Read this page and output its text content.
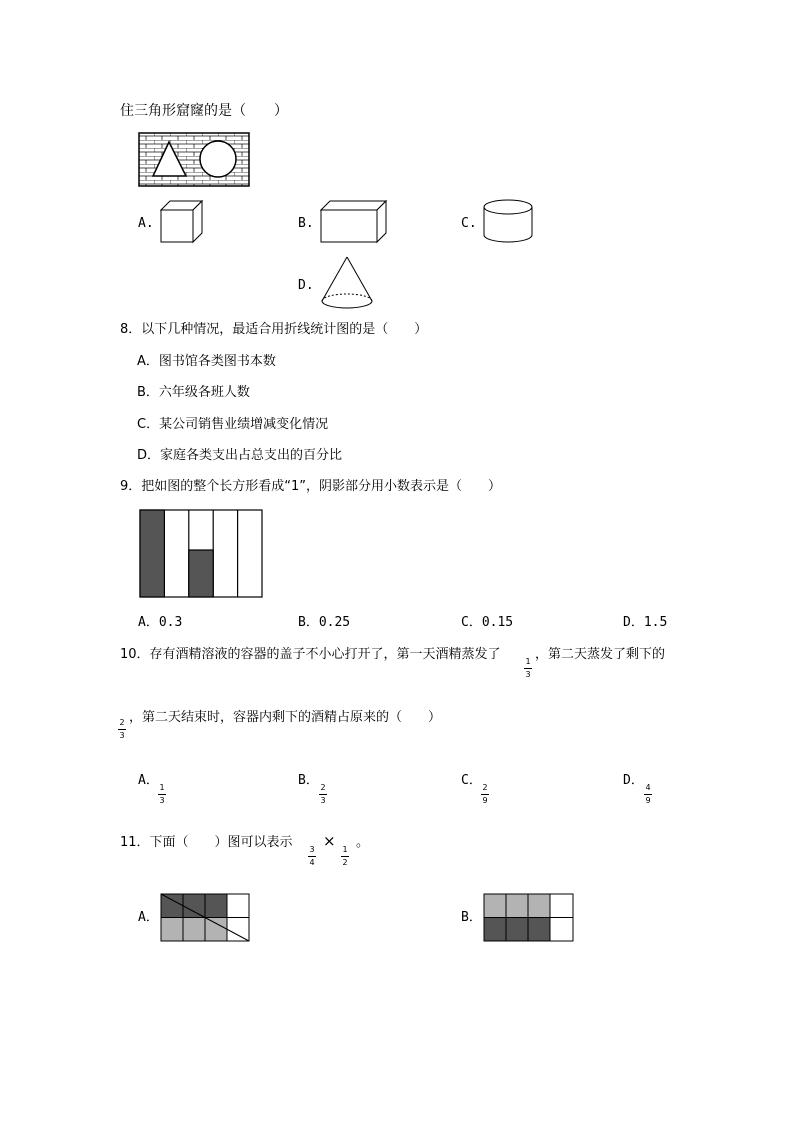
住三角形窟窿的是（　　）
A.	B.	C.
D.
8．以下几种情况，最适合用折线统计图的是（　　）
A．图书馆各类图书本数
B．六年级各班人数
C．某公司销售业绩增减变化情况
D．家庭各类支出占总支出的百分比
9．把如图的整个长方形看成“1”，阴影部分用小数表示是（　　）
A．0.3	B．0.25	C．0.15	D．1.5
10．存有酒精溶液的容器的盖子不小心打开了，第一天酒精蒸发了	1
3
，第二天蒸发了剩下的
2
3
，第二天结束时，容器内剩下的酒精占原来的（　　）
A． 1
3
B． 2
3
C． 2
9
D． 4
9
11．下面（　　）图可以表示	3
4
× 1
2
。
A．	B．
